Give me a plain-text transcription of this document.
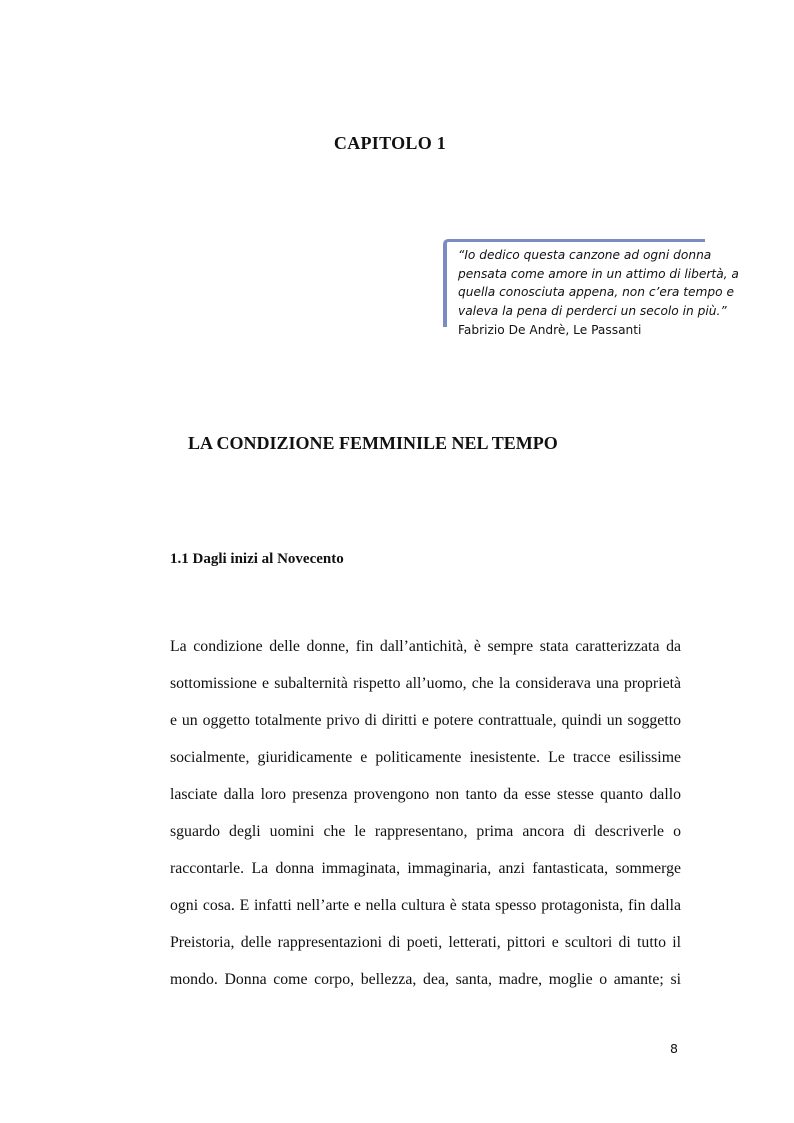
CAPITOLO 1
“Io dedico questa canzone ad ogni donna
pensata come amore in un attimo di libertà, a
quella conosciuta appena, non c’era tempo e
valeva la pena di perderci un secolo in più.”
Fabrizio De Andrè, Le Passanti
LA CONDIZIONE FEMMINILE NEL TEMPO
1.1 Dagli inizi al Novecento
La condizione delle donne, fin dall’antichità, è sempre stata caratterizzata da
sottomissione e subalternità rispetto all’uomo, che la considerava una proprietà
e un oggetto totalmente privo di diritti e potere contrattuale, quindi un soggetto
socialmente, giuridicamente e politicamente inesistente. Le tracce esilissime
lasciate dalla loro presenza provengono non tanto da esse stesse quanto dallo
sguardo degli uomini che le rappresentano, prima ancora di descriverle o
raccontarle. La donna immaginata, immaginaria, anzi fantasticata, sommerge
ogni cosa. E infatti nell’arte e nella cultura è stata spesso protagonista, fin dalla
Preistoria, delle rappresentazioni di poeti, letterati, pittori e scultori di tutto il
mondo. Donna come corpo, bellezza, dea, santa, madre, moglie o amante; si
8
